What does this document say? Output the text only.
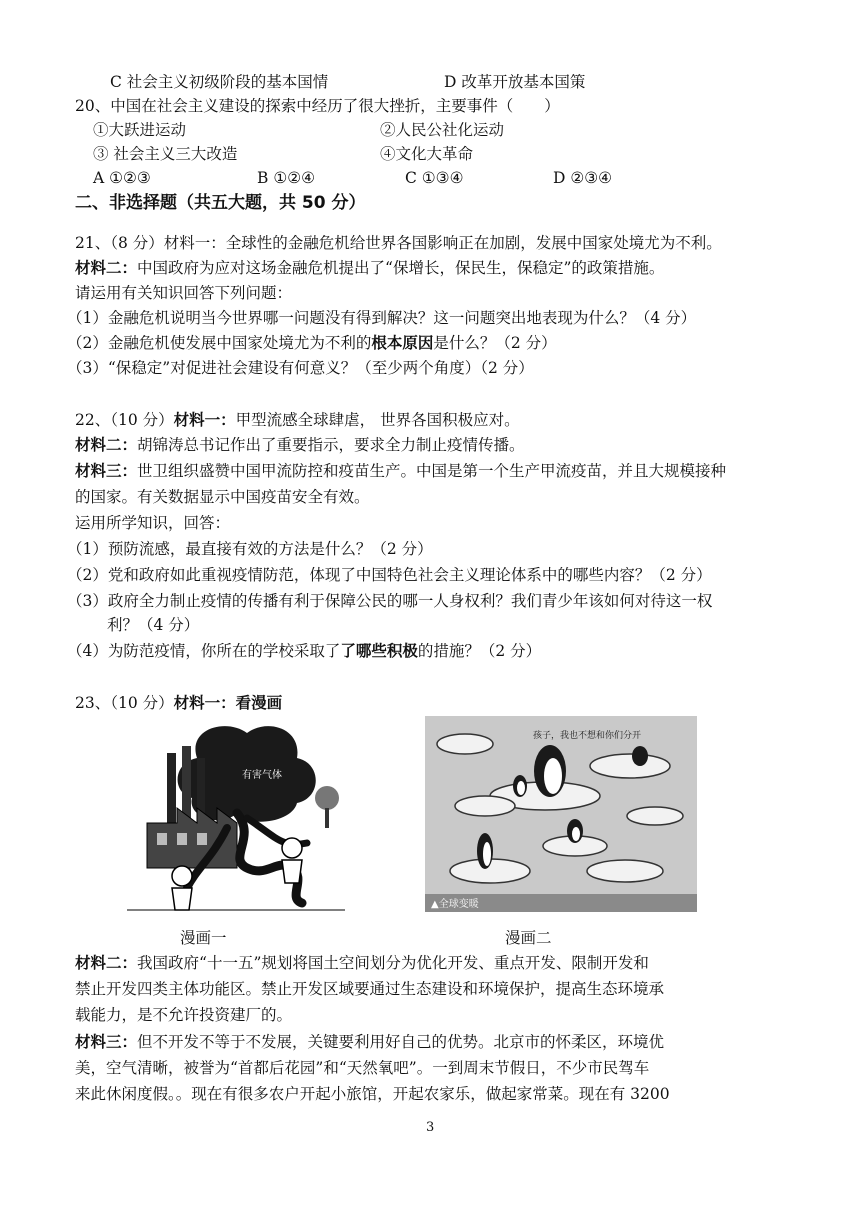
C 社会主义初级阶段的基本国情	D 改革开放基本国策
20、中国在社会主义建设的探索中经历了很大挫折，主要事件（　　）
①大跃进运动	②人民公社化运动
③ 社会主义三大改造	④文化大革命
A ①②③	B ①②④	C ①③④	D ②③④
二、非选择题（共五大题，共 50 分）
21、（8 分）材料一：全球性的金融危机给世界各国影响正在加剧，发展中国家处境尤为不利。
材料二：中国政府为应对这场金融危机提出了“保增长，保民生，保稳定”的政策措施。
请运用有关知识回答下列问题：
（1）金融危机说明当今世界哪一问题没有得到解决？这一问题突出地表现为什么？（4 分）
（2）金融危机使发展中国家处境尤为不利的根本原因是什么？（2 分）
（3）“保稳定”对促进社会建设有何意义？（至少两个角度）（2 分）
22、（10 分）材料一：甲型流感全球肆虐， 世界各国积极应对。
材料二：胡锦涛总书记作出了重要指示，要求全力制止疫情传播。
材料三：世卫组织盛赞中国甲流防控和疫苗生产。中国是第一个生产甲流疫苗，并且大规模接种
的国家。有关数据显示中国疫苗安全有效。
运用所学知识，回答：
（1）预防流感，最直接有效的方法是什么？（2 分）
（2）党和政府如此重视疫情防范，体现了中国特色社会主义理论体系中的哪些内容？（2 分）
（3）政府全力制止疫情的传播有利于保障公民的哪一人身权利？我们青少年该如何对待这一权
利？（4 分）
（4）为防范疫情，你所在的学校采取了了哪些积极的措施？（2 分）
23、（10 分）材料一：看漫画
有害气体
漫画一
孩子，我也不想和你们分开
▲全球变暖
漫画二
材料二：我国政府“十一五”规划将国土空间划分为优化开发、重点开发、限制开发和
禁止开发四类主体功能区。禁止开发区域要通过生态建设和环境保护，提高生态环境承
载能力，是不允许投资建厂的。
材料三：但不开发不等于不发展，关键要利用好自己的优势。北京市的怀柔区，环境优
美，空气清晰，被誉为“首都后花园”和“天然氧吧”。一到周末节假日，不少市民驾车
来此休闲度假。。现在有很多农户开起小旅馆，开起农家乐，做起家常菜。现在有 3200
3
